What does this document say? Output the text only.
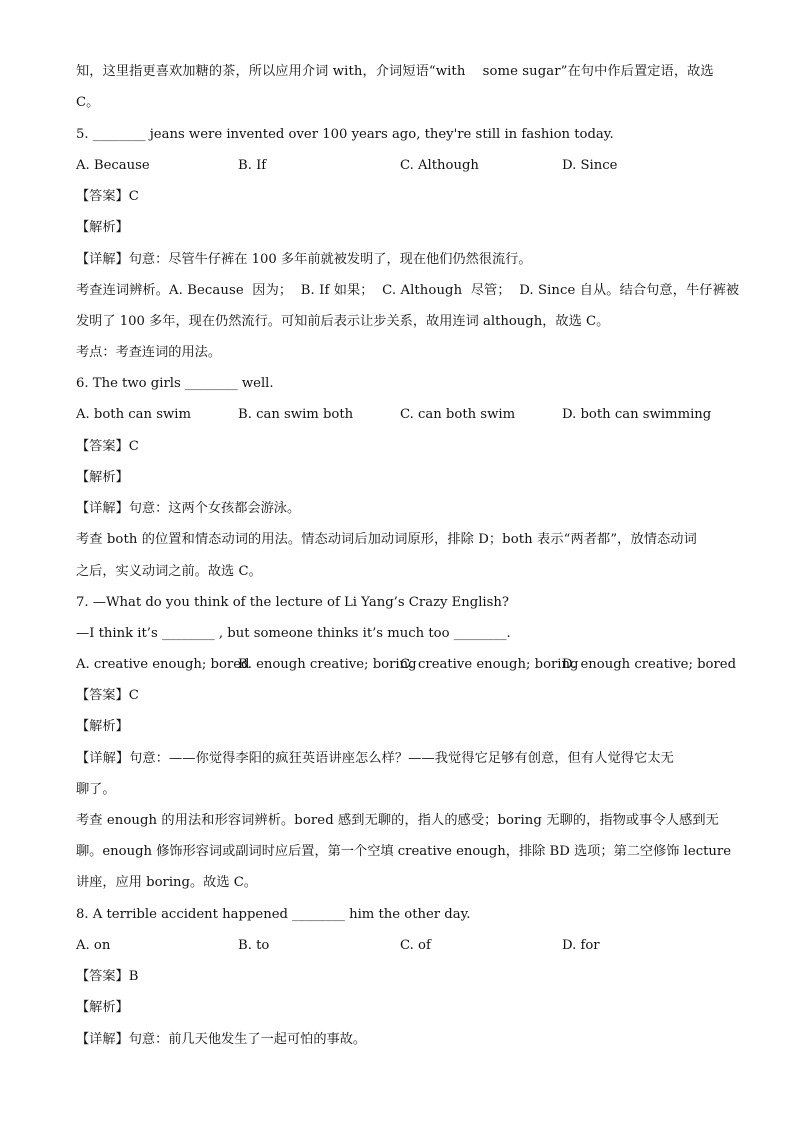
知，这里指更喜欢加糖的茶，所以应用介词 with，介词短语“with    some sugar”在句中作后置定语，故选
C。
5. ________ jeans were invented over 100 years ago, they're still in fashion today.
A. Because	B. If	C. Although	D. Since
【答案】C
【解析】
【详解】句意：尽管牛仔裤在 100 多年前就被发明了，现在他们仍然很流行。
考查连词辨析。A. Because  因为；  B. If 如果；  C. Although  尽管；  D. Since 自从。结合句意，牛仔裤被
发明了 100 多年，现在仍然流行。可知前后表示让步关系，故用连词 although，故选 C。
考点：考查连词的用法。
6. The two girls ________ well.
A. both can swim	B. can swim both	C. can both swim	D. both can swimming
【答案】C
【解析】
【详解】句意：这两个女孩都会游泳。
考查 both 的位置和情态动词的用法。情态动词后加动词原形，排除 D；both 表示“两者都”，放情态动词
之后，实义动词之前。故选 C。
7. —What do you think of the lecture of Li Yang’s Crazy English?
—I think it’s ________ , but someone thinks it’s much too ________.
A. creative enough; bored
B. enough creative; boring
C. creative enough; boring
D. enough creative; bored
【答案】C
【解析】
【详解】句意：——你觉得李阳的疯狂英语讲座怎么样？——我觉得它足够有创意，但有人觉得它太无
聊了。
考查 enough 的用法和形容词辨析。bored 感到无聊的，指人的感受；boring 无聊的，指物或事令人感到无
聊。enough 修饰形容词或副词时应后置，第一个空填 creative enough，排除 BD 选项；第二空修饰 lecture
讲座，应用 boring。故选 C。
8. A terrible accident happened ________ him the other day.
A. on	B. to	C. of	D. for
【答案】B
【解析】
【详解】句意：前几天他发生了一起可怕的事故。
